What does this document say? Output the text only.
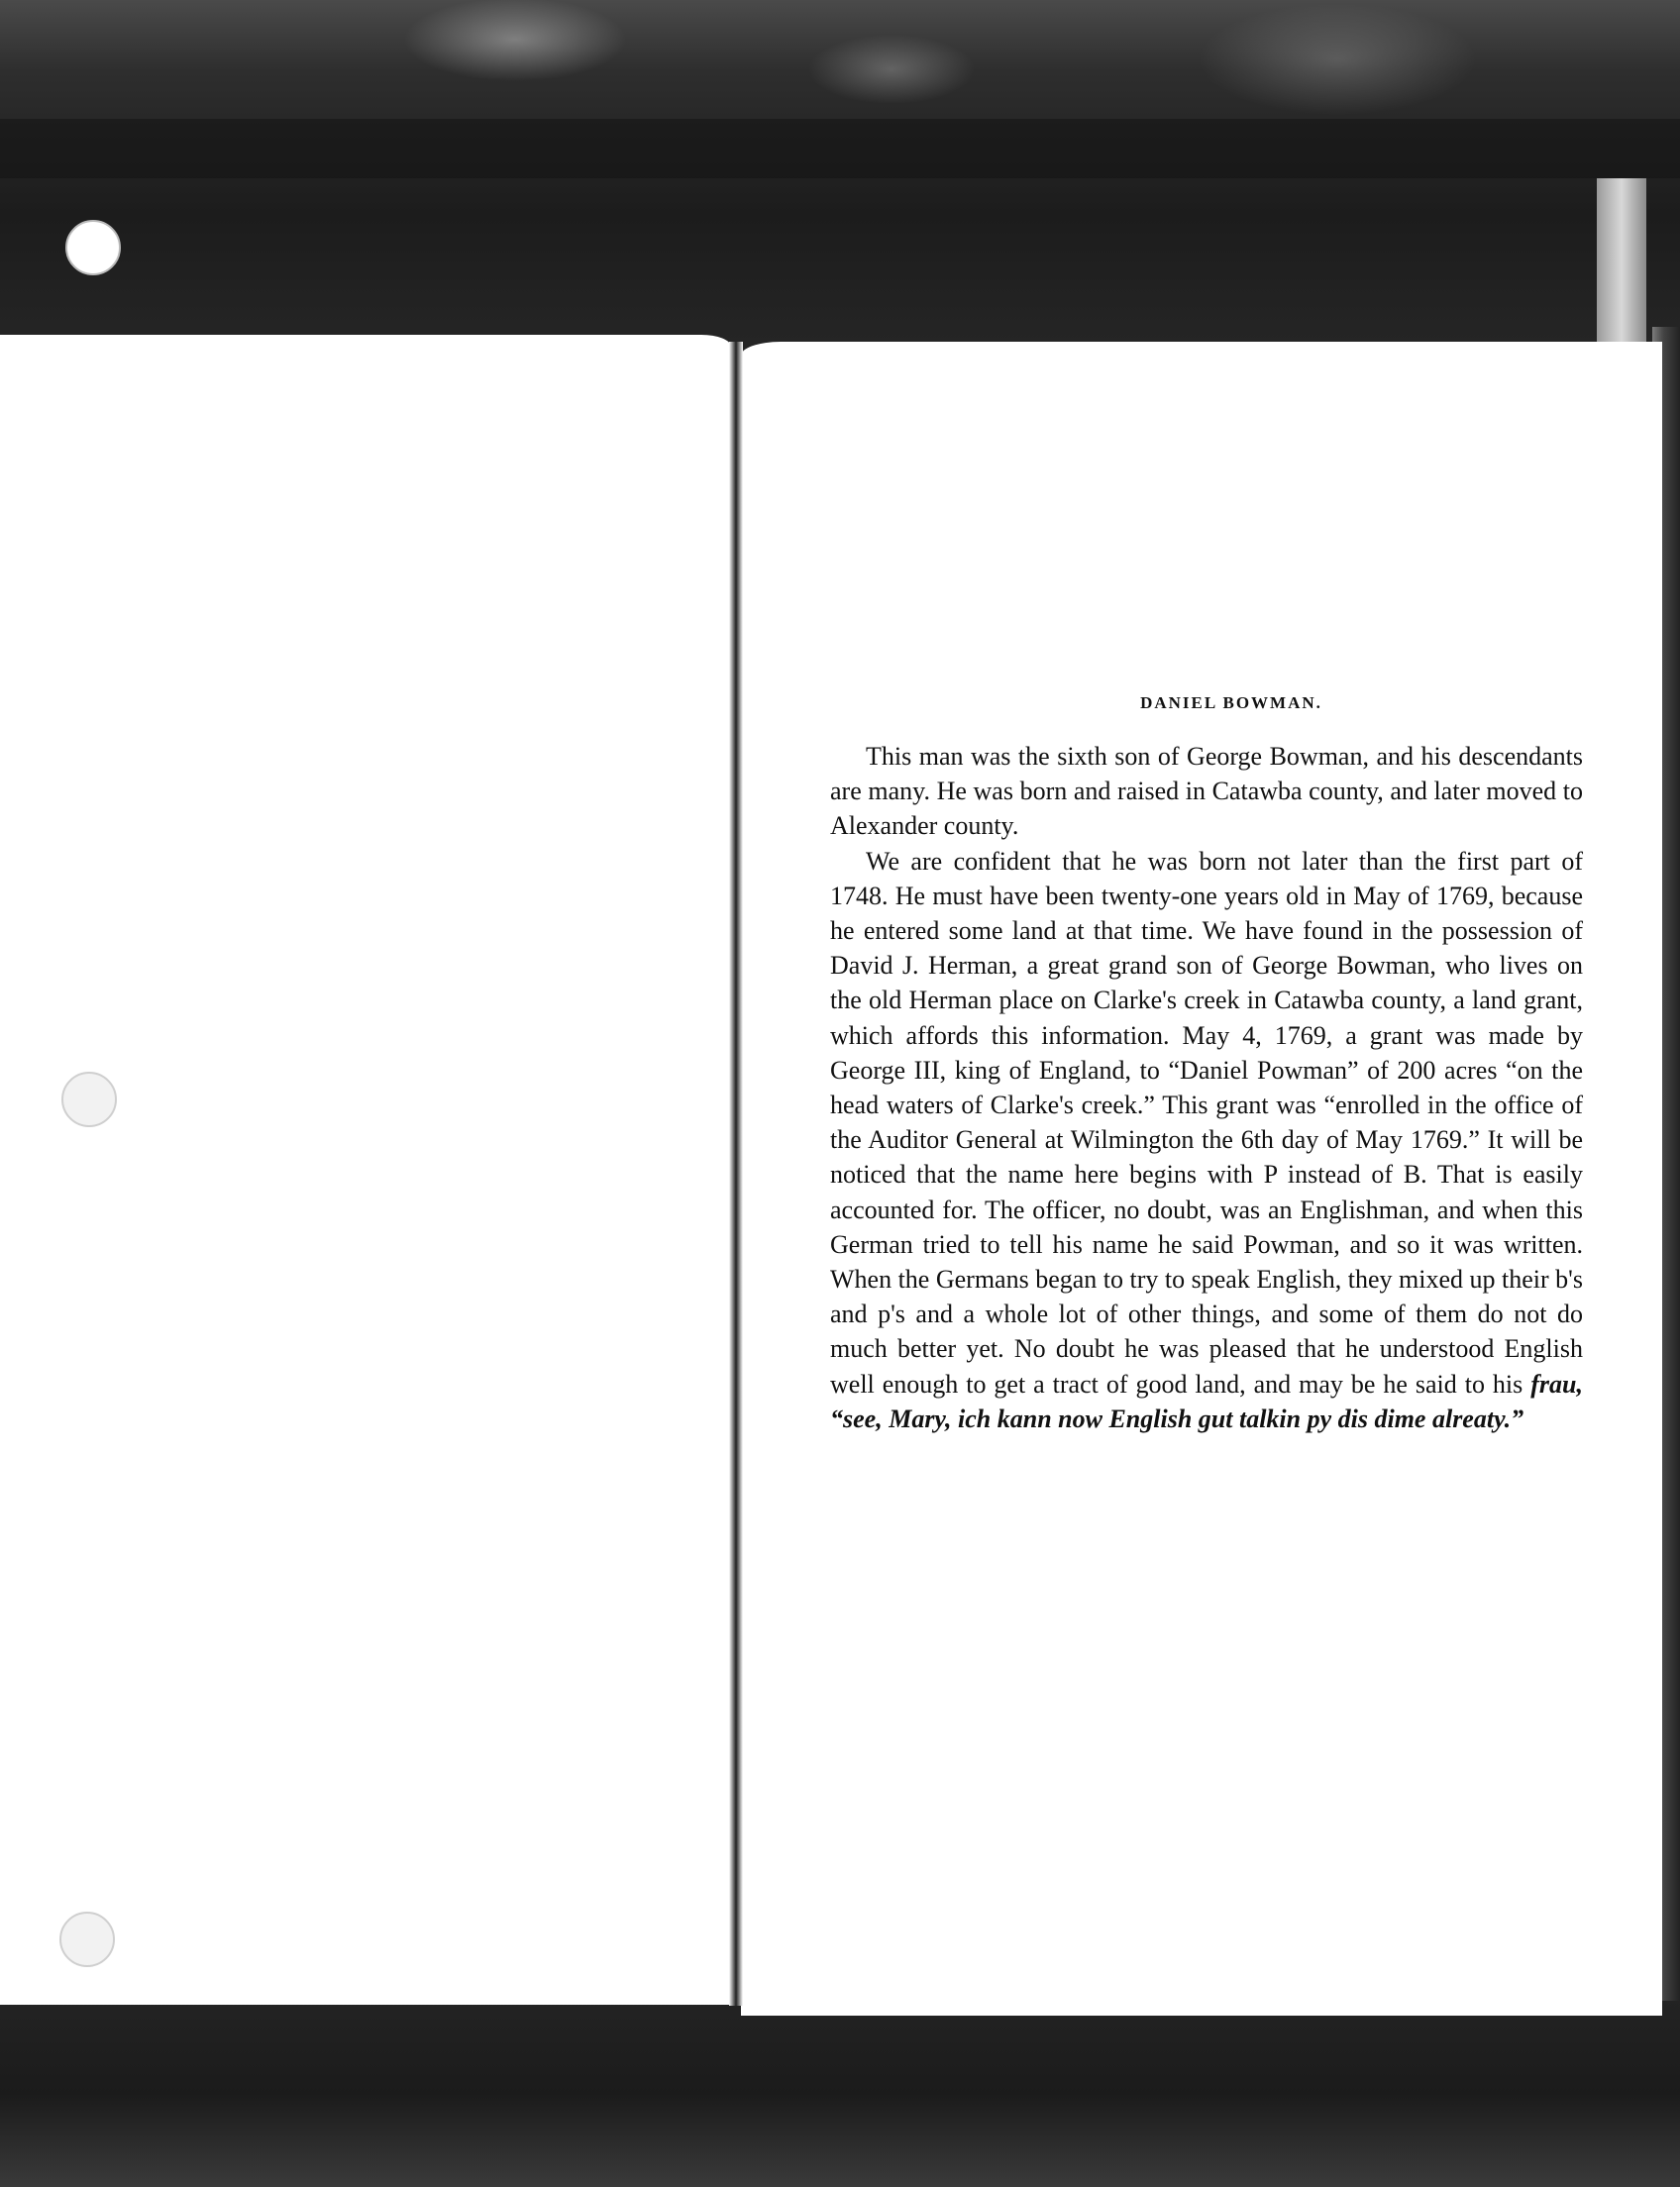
DANIEL BOWMAN.

This man was the sixth son of George Bowman, and his descendants are many. He was born and raised in Catawba county, and later moved to Alexander county.

We are confident that he was born not later than the first part of 1748. He must have been twenty-one years old in May of 1769, because he entered some land at that time. We have found in the possession of David J. Herman, a great grand son of George Bowman, who lives on the old Herman place on Clarke's creek in Catawba county, a land grant, which affords this information. May 4, 1769, a grant was made by George III, king of England, to “Daniel Powman” of 200 acres “on the head waters of Clarke's creek.” This grant was “enrolled in the office of the Auditor General at Wilmington the 6th day of May 1769.” It will be noticed that the name here begins with P instead of B. That is easily accounted for. The officer, no doubt, was an Englishman, and when this German tried to tell his name he said Powman, and so it was written. When the Germans began to try to speak English, they mixed up their b's and p's and a whole lot of other things, and some of them do not do much better yet. No doubt he was pleased that he understood English well enough to get a tract of good land, and may be he said to his frau, “see, Mary, ich kann now English gut talkin py dis dime alreaty.”
